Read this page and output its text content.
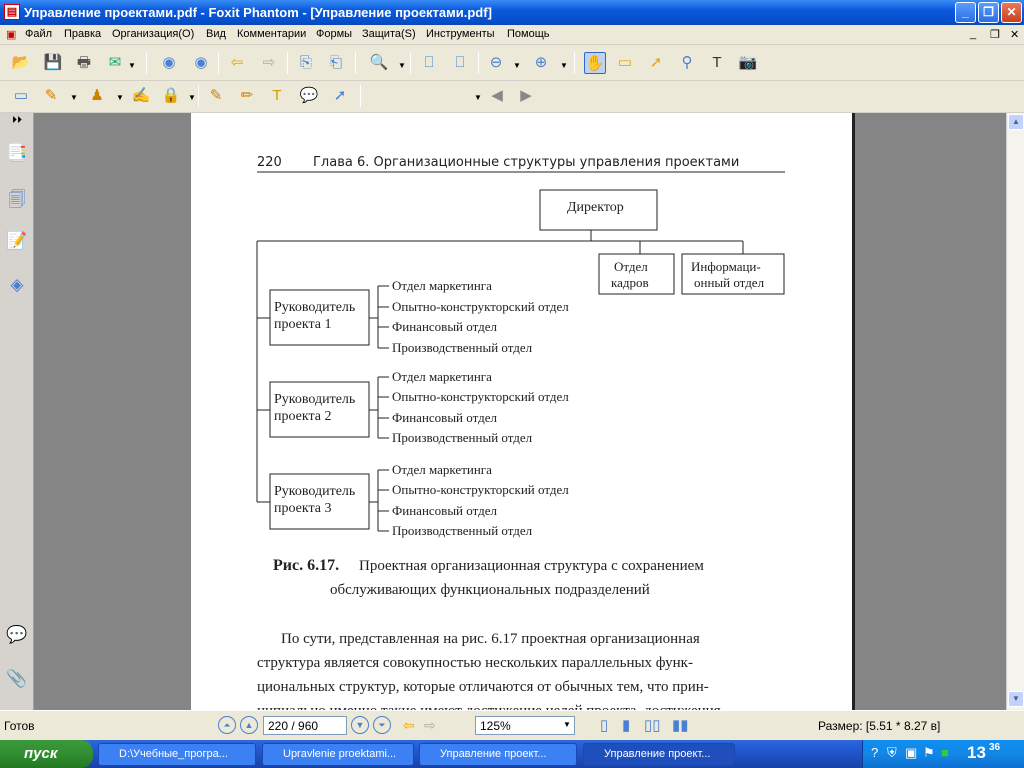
▤ Управление проектами.pdf - Foxit Phantom - [Управление проектами.pdf]	_	❐	✕
▣ Файл Правка Организация(О) Вид Комментарии Формы Защита(S) Инструменты Помощь	_ ❐ ✕
📂 💾 🖶	✉ ▼ ◉ ◉	⇦	⇨	⎘	⎗	🔍 ▼	⎕	⎕	⊖	▼ ⊕	▼ ✋ ▭	➚	⚲	T	📷
▭	✎	▼ ♟	▼ ✍ 🔒 ▼ ✎	✏	T	💬	➚	▼ ◀	▶
⏵⏵
📑
🗐
📝
◈
💬
📎
220 Глава 6. Организационные структуры управления проектами
Директор
Отдел
кадров
Информаци-
онный отдел
Руководитель
проекта 1
Руководитель
проекта 2
Руководитель
проекта 3
Отдел маркетинга
Опытно-конструкторский отдел
Финансовый отдел
Производственный отдел
Отдел маркетинга
Опытно-конструкторский отдел
Финансовый отдел
Производственный отдел
Отдел маркетинга
Опытно-конструкторский отдел
Финансовый отдел
Производственный отдел
Рис. 6.17. Проектная организационная структура с сохранением
обслуживающих функциональных подразделений
По сути, представленная на рис. 6.17 проектная организационная
структура является совокупностью нескольких параллельных функ-
циональных структур, которые отличаются от обычных тем, что прин-
▲
▼
Готов	⏶	▲	220 / 960	▼	⏷	⇦ ⇨	125%	▼ ▯ ▮ ▯▯ ▮▮	Размер: [5.51 * 8.27 в]
пуск	D:\Учебные_програ...	Upravlenie proektami...	Управление проект...	Управление проект...	? ⛨ ▣ ⚑ ■ 13 36
